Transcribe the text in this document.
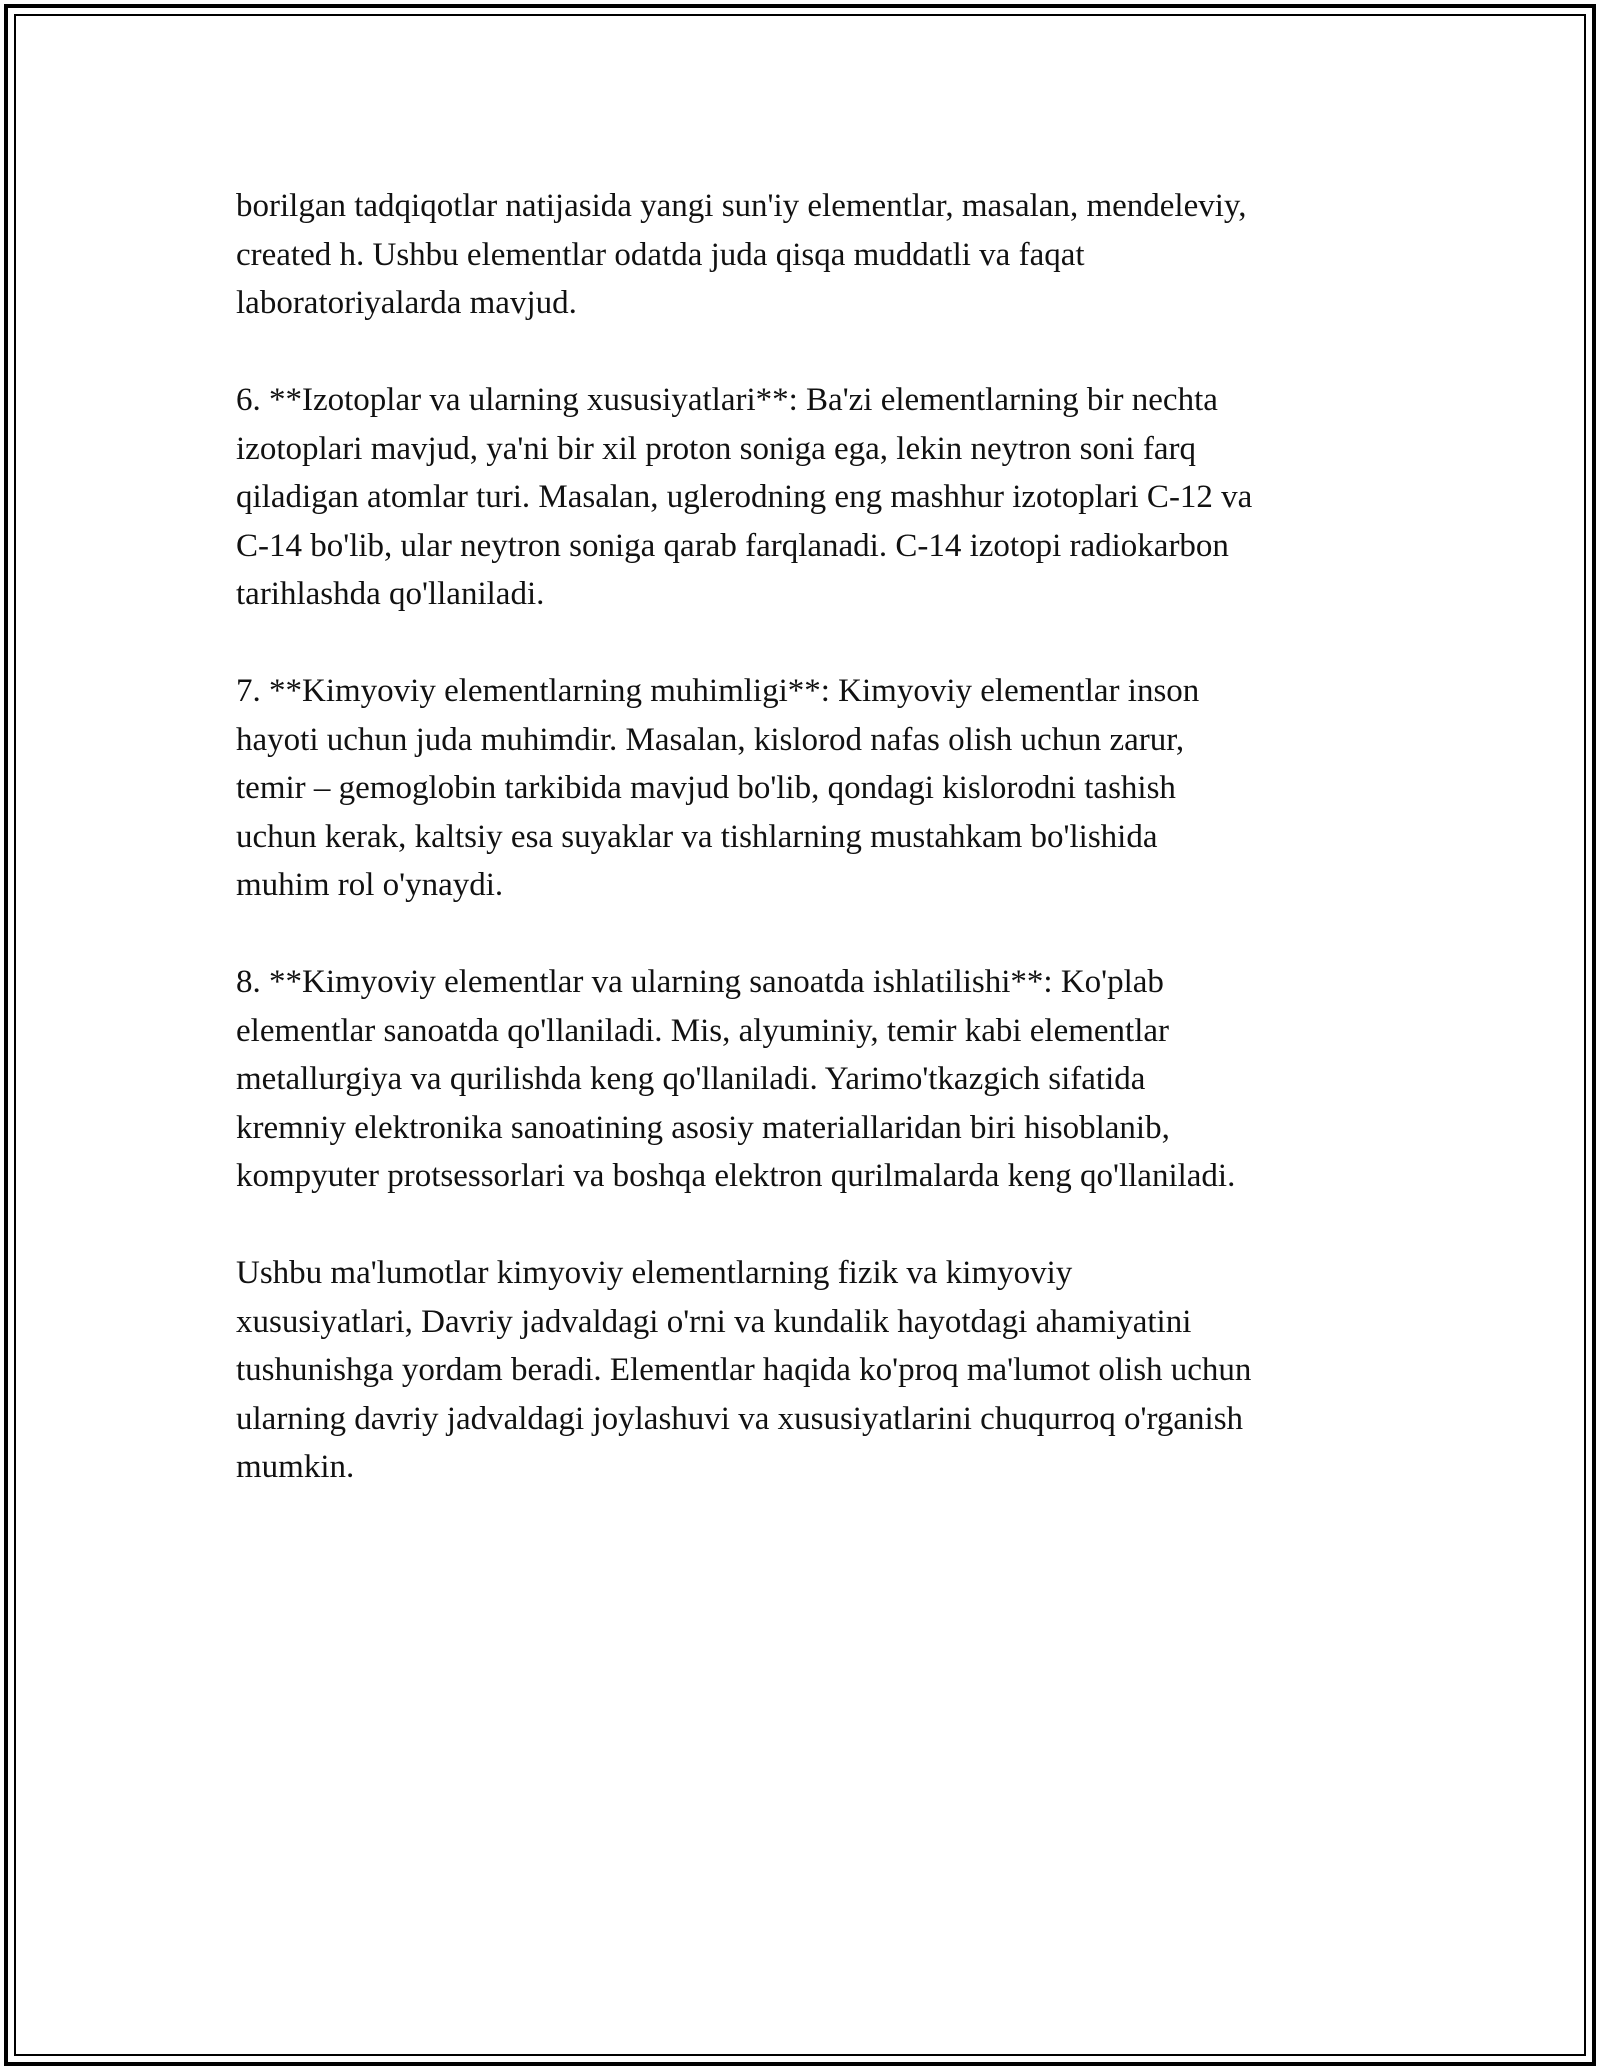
borilgan tadqiqotlar natijasida yangi sun'iy elementlar, masalan, mendeleviy,
created h. Ushbu elementlar odatda juda qisqa muddatli va faqat
laboratoriyalarda mavjud.

6. **Izotoplar va ularning xususiyatlari**: Ba'zi elementlarning bir nechta
izotoplari mavjud, ya'ni bir xil proton soniga ega, lekin neytron soni farq
qiladigan atomlar turi. Masalan, uglerodning eng mashhur izotoplari C-12 va
C-14 bo'lib, ular neytron soniga qarab farqlanadi. C-14 izotopi radiokarbon
tarihlashda qo'llaniladi.

7. **Kimyoviy elementlarning muhimligi**: Kimyoviy elementlar inson
hayoti uchun juda muhimdir. Masalan, kislorod nafas olish uchun zarur,
temir – gemoglobin tarkibida mavjud bo'lib, qondagi kislorodni tashish
uchun kerak, kaltsiy esa suyaklar va tishlarning mustahkam bo'lishida
muhim rol o'ynaydi.

8. **Kimyoviy elementlar va ularning sanoatda ishlatilishi**: Ko'plab
elementlar sanoatda qo'llaniladi. Mis, alyuminiy, temir kabi elementlar
metallurgiya va qurilishda keng qo'llaniladi. Yarimo'tkazgich sifatida
kremniy elektronika sanoatining asosiy materiallaridan biri hisoblanib,
kompyuter protsessorlari va boshqa elektron qurilmalarda keng qo'llaniladi.

Ushbu ma'lumotlar kimyoviy elementlarning fizik va kimyoviy
xususiyatlari, Davriy jadvaldagi o'rni va kundalik hayotdagi ahamiyatini
tushunishga yordam beradi. Elementlar haqida ko'proq ma'lumot olish uchun
ularning davriy jadvaldagi joylashuvi va xususiyatlarini chuqurroq o'rganish
mumkin.
